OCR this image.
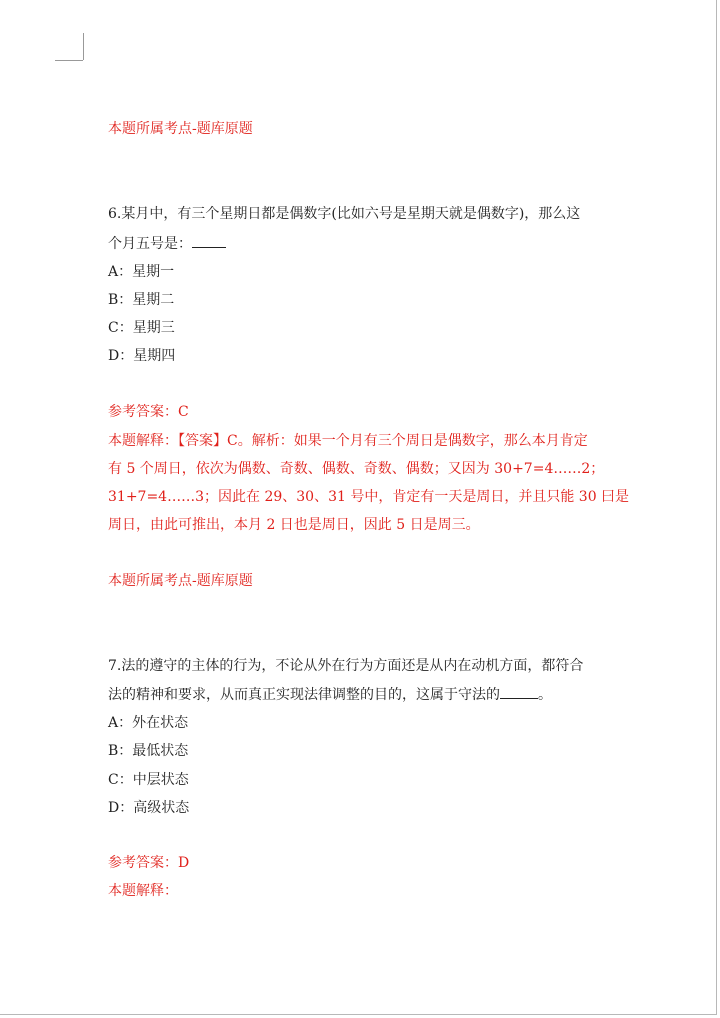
本题所属考点-题库原题
6.某月中，有三个星期日都是偶数字(比如六号是星期天就是偶数字)，那么这
个月五号是：
A：星期一
B：星期二
C：星期三
D：星期四
参考答案：C
本题解释：【答案】C。解析：如果一个月有三个周日是偶数字，那么本月肯定
有 5 个周日，依次为偶数、奇数、偶数、奇数、偶数；又因为 30+7=4……2；
31+7=4……3；因此在 29、30、31 号中，肯定有一天是周日，并且只能 30 曰是
周日，由此可推出，本月 2 日也是周日，因此 5 日是周三。
本题所属考点-题库原题
7.法的遵守的主体的行为，不论从外在行为方面还是从内在动机方面，都符合
法的精神和要求，从而真正实现法律调整的目的，这属于守法的	。
A：外在状态
B：最低状态
C：中层状态
D：高级状态
参考答案：D
本题解释：
